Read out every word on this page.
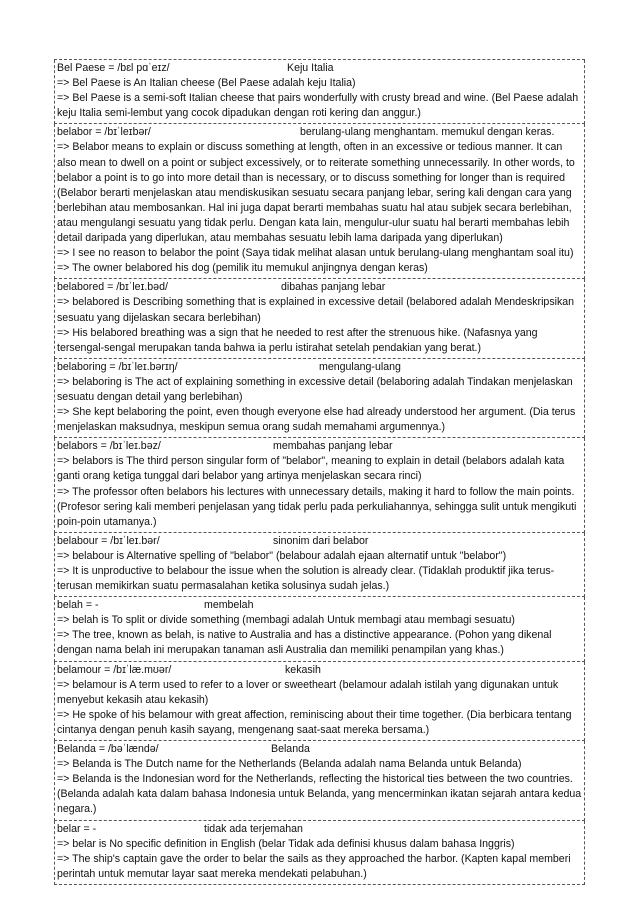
Bel Paese = /bɛl pɑˈeɪz/	Keju Italia
=> Bel Paese is An Italian cheese (Bel Paese adalah keju Italia)
=> Bel Paese is a semi-soft Italian cheese that pairs wonderfully with crusty bread and wine. (Bel Paese adalah keju Italia semi-lembut yang cocok dipadukan dengan roti kering dan anggur.)
belabor = /bɪˈleɪbər/	berulang-ulang menghantam. memukul dengan keras.
=> Belabor means to explain or discuss something at length, often in an excessive or tedious manner. It can also mean to dwell on a point or subject excessively, or to reiterate something unnecessarily. In other words, to belabor a point is to go into more detail than is necessary, or to discuss something for longer than is required (Belabor berarti menjelaskan atau mendiskusikan sesuatu secara panjang lebar, sering kali dengan cara yang berlebihan atau membosankan. Hal ini juga dapat berarti membahas suatu hal atau subjek secara berlebihan, atau mengulangi sesuatu yang tidak perlu. Dengan kata lain, mengulur-ulur suatu hal berarti membahas lebih detail daripada yang diperlukan, atau membahas sesuatu lebih lama daripada yang diperlukan)
=> I see no reason to belabor the point (Saya tidak melihat alasan untuk berulang-ulang menghantam soal itu)
=> The owner belabored his dog (pemilik itu memukul anjingnya dengan keras)
belabored = /bɪˈleɪ.bəd/	dibahas panjang lebar
=> belabored is Describing something that is explained in excessive detail (belabored adalah Mendeskripsikan sesuatu yang dijelaskan secara berlebihan)
=> His belabored breathing was a sign that he needed to rest after the strenuous hike. (Nafasnya yang tersengal-sengal merupakan tanda bahwa ia perlu istirahat setelah pendakian yang berat.)
belaboring = /bɪˈleɪ.bərɪŋ/	mengulang-ulang
=> belaboring is The act of explaining something in excessive detail (belaboring adalah Tindakan menjelaskan sesuatu dengan detail yang berlebihan)
=> She kept belaboring the point, even though everyone else had already understood her argument. (Dia terus menjelaskan maksudnya, meskipun semua orang sudah memahami argumennya.)
belabors = /bɪˈleɪ.bəz/	membahas panjang lebar
=> belabors is The third person singular form of "belabor", meaning to explain in detail (belabors adalah kata ganti orang ketiga tunggal dari belabor yang artinya menjelaskan secara rinci)
=> The professor often belabors his lectures with unnecessary details, making it hard to follow the main points. (Profesor sering kali memberi penjelasan yang tidak perlu pada perkuliahannya, sehingga sulit untuk mengikuti poin-poin utamanya.)
belabour = /bɪˈleɪ.bər/	sinonim dari belabor
=> belabour is Alternative spelling of "belabor" (belabour adalah ejaan alternatif untuk "belabor")
=> It is unproductive to belabour the issue when the solution is already clear. (Tidaklah produktif jika terus-terusan memikirkan suatu permasalahan ketika solusinya sudah jelas.)
belah = -	membelah
=> belah is To split or divide something (membagi adalah Untuk membagi atau membagi sesuatu)
=> The tree, known as belah, is native to Australia and has a distinctive appearance. (Pohon yang dikenal dengan nama belah ini merupakan tanaman asli Australia dan memiliki penampilan yang khas.)
belamour = /bɪˈlæ.mʊər/	kekasih
=> belamour is A term used to refer to a lover or sweetheart (belamour adalah istilah yang digunakan untuk menyebut kekasih atau kekasih)
=> He spoke of his belamour with great affection, reminiscing about their time together. (Dia berbicara tentang cintanya dengan penuh kasih sayang, mengenang saat-saat mereka bersama.)
Belanda = /bəˈlændə/	Belanda
=> Belanda is The Dutch name for the Netherlands (Belanda adalah nama Belanda untuk Belanda)
=> Belanda is the Indonesian word for the Netherlands, reflecting the historical ties between the two countries. (Belanda adalah kata dalam bahasa Indonesia untuk Belanda, yang mencerminkan ikatan sejarah antara kedua negara.)
belar = -	tidak ada terjemahan
=> belar is No specific definition in English (belar Tidak ada definisi khusus dalam bahasa Inggris)
=> The ship's captain gave the order to belar the sails as they approached the harbor. (Kapten kapal memberi perintah untuk memutar layar saat mereka mendekati pelabuhan.)
